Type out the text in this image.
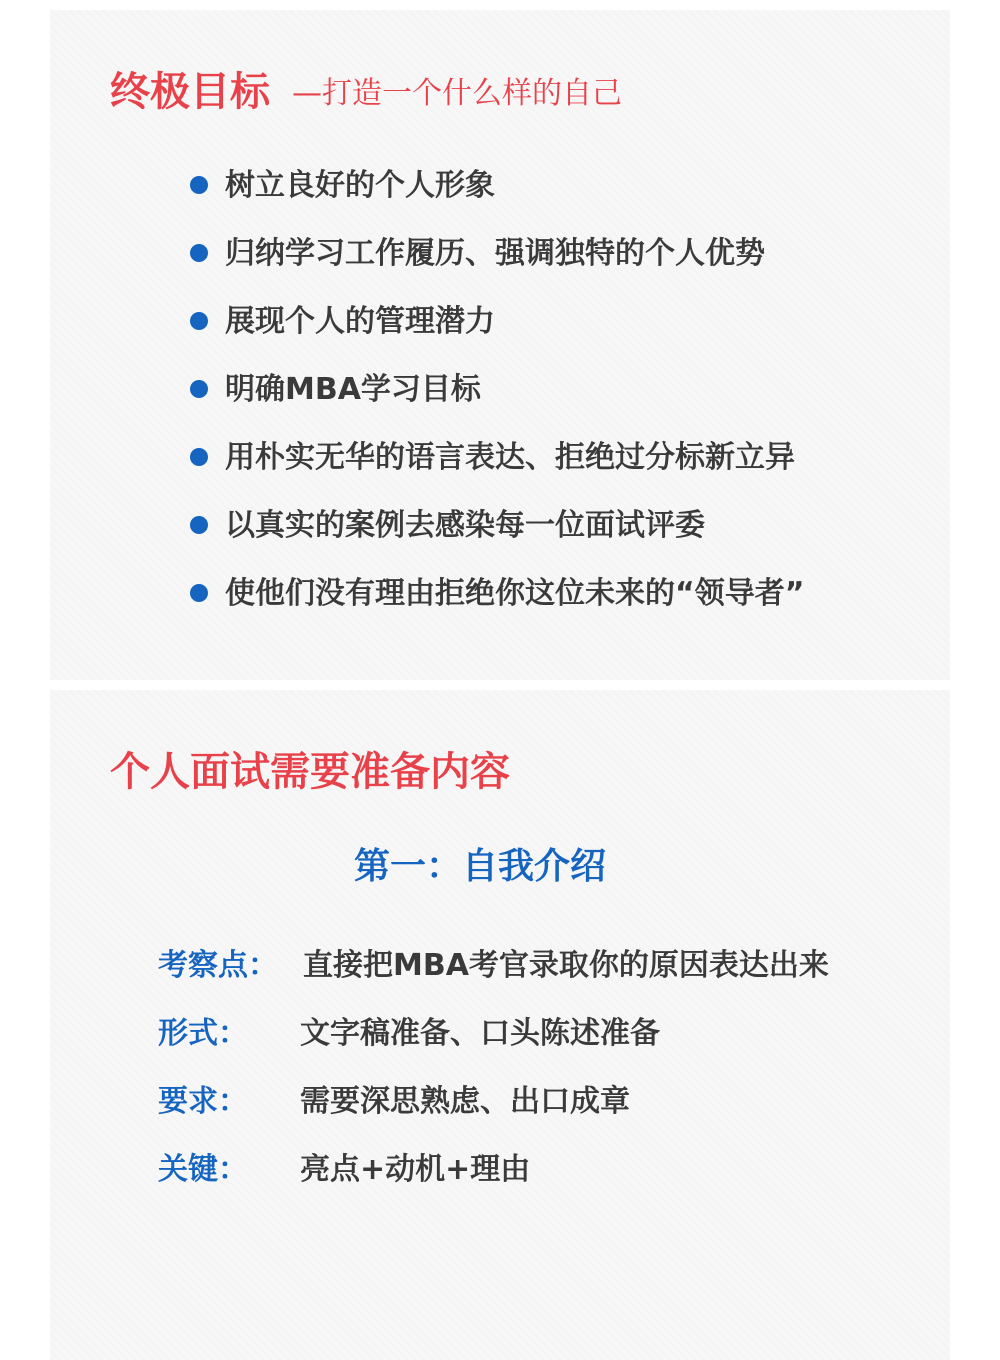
终极目标 —打造一个什么样的自己
树立良好的个人形象
归纳学习工作履历、强调独特的个人优势
展现个人的管理潜力
明确MBA学习目标
用朴实无华的语言表达、拒绝过分标新立异
以真实的案例去感染每一位面试评委
使他们没有理由拒绝你这位未来的“领导者”
个人面试需要准备内容
第一：自我介绍
考察点： 直接把MBA考官录取你的原因表达出来
形式： 文字稿准备、口头陈述准备
要求： 需要深思熟虑、出口成章
关键： 亮点+动机+理由
